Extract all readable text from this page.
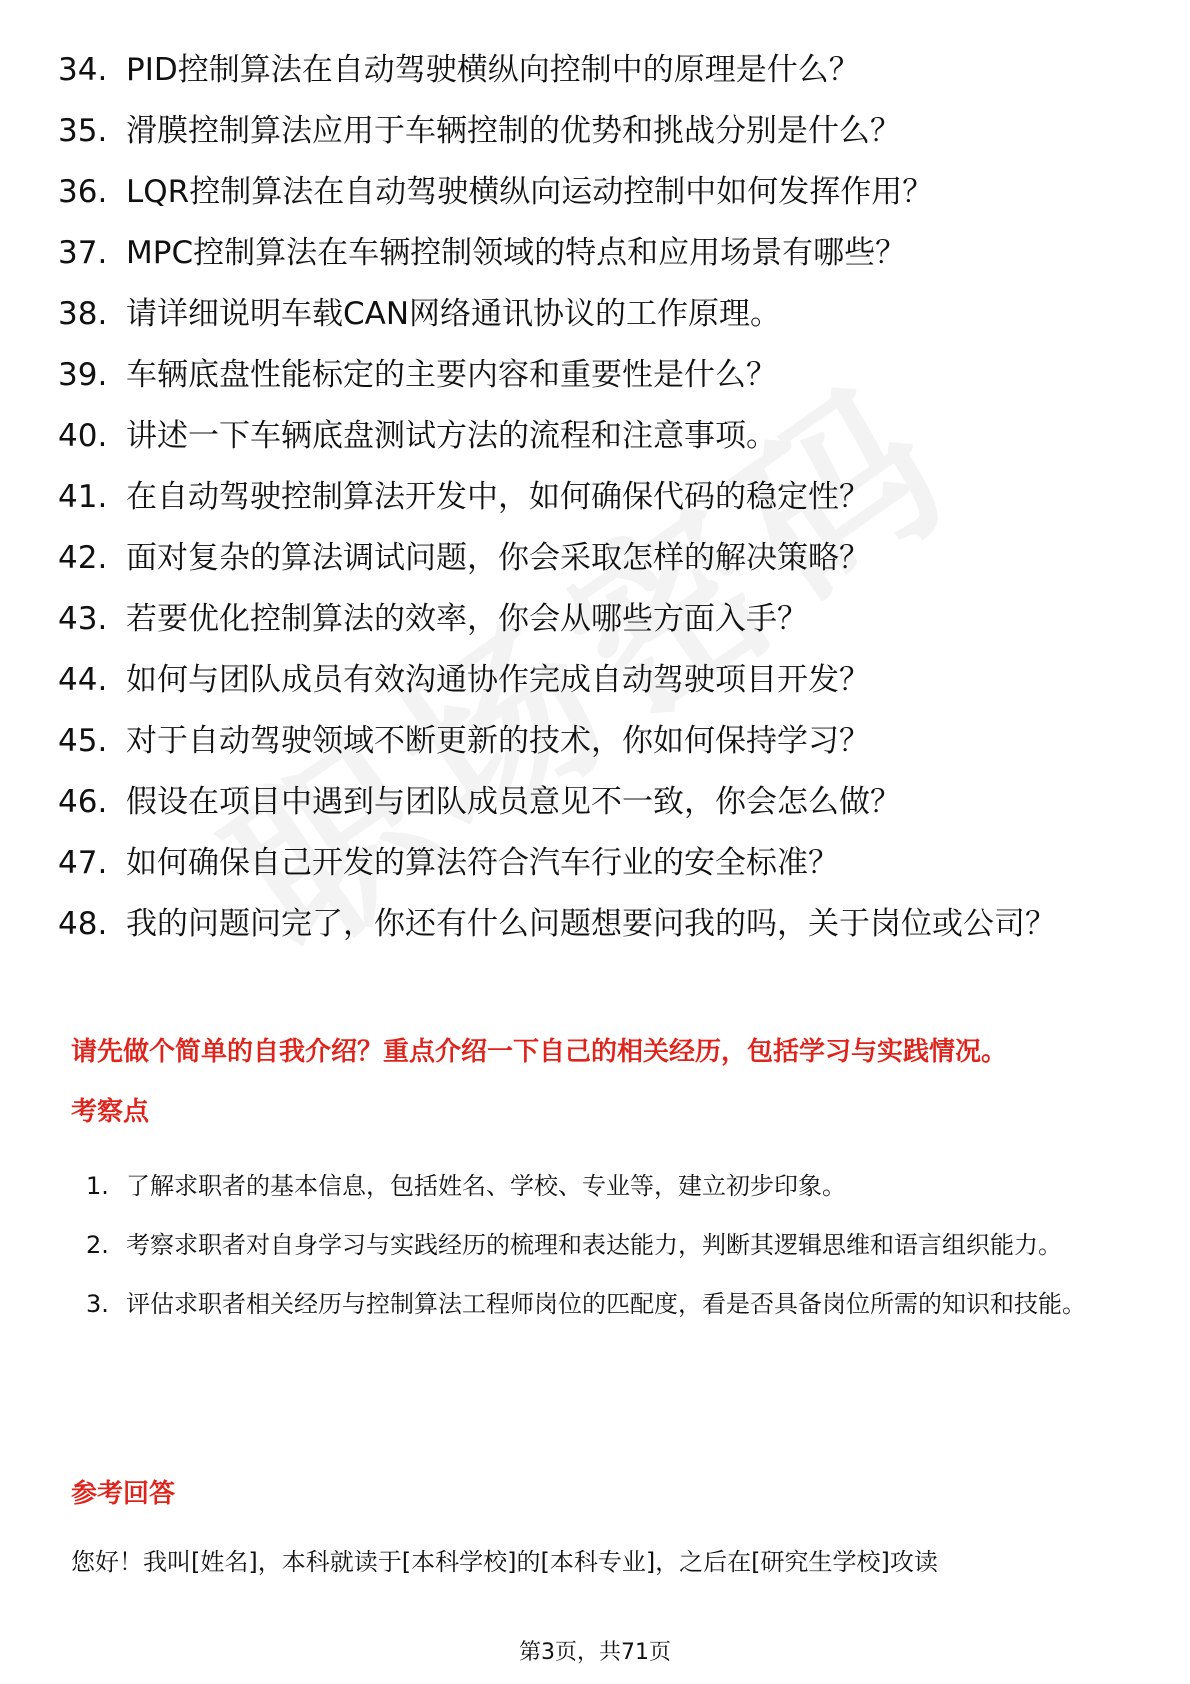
34. PID控制算法在自动驾驶横纵向控制中的原理是什么？
35. 滑膜控制算法应用于车辆控制的优势和挑战分别是什么？
36. LQR控制算法在自动驾驶横纵向运动控制中如何发挥作用？
37. MPC控制算法在车辆控制领域的特点和应用场景有哪些？
38. 请详细说明车载CAN网络通讯协议的工作原理。
39. 车辆底盘性能标定的主要内容和重要性是什么？
40. 讲述一下车辆底盘测试方法的流程和注意事项。
41. 在自动驾驶控制算法开发中，如何确保代码的稳定性？
42. 面对复杂的算法调试问题，你会采取怎样的解决策略？
43. 若要优化控制算法的效率，你会从哪些方面入手？
44. 如何与团队成员有效沟通协作完成自动驾驶项目开发？
45. 对于自动驾驶领域不断更新的技术，你如何保持学习？
46. 假设在项目中遇到与团队成员意见不一致，你会怎么做？
47. 如何确保自己开发的算法符合汽车行业的安全标准？
48. 我的问题问完了，你还有什么问题想要问我的吗，关于岗位或公司？
请先做个简单的自我介绍？重点介绍一下自己的相关经历，包括学习与实践情况。
考察点
1. 了解求职者的基本信息，包括姓名、学校、专业等，建立初步印象。
2. 考察求职者对自身学习与实践经历的梳理和表达能力，判断其逻辑思维和语言组织能力。
3. 评估求职者相关经历与控制算法工程师岗位的匹配度，看是否具备岗位所需的知识和技能。
参考回答
您好！我叫[姓名]，本科就读于[本科学校]的[本科专业]，之后在[研究生学校]攻读
第3页，共71页
